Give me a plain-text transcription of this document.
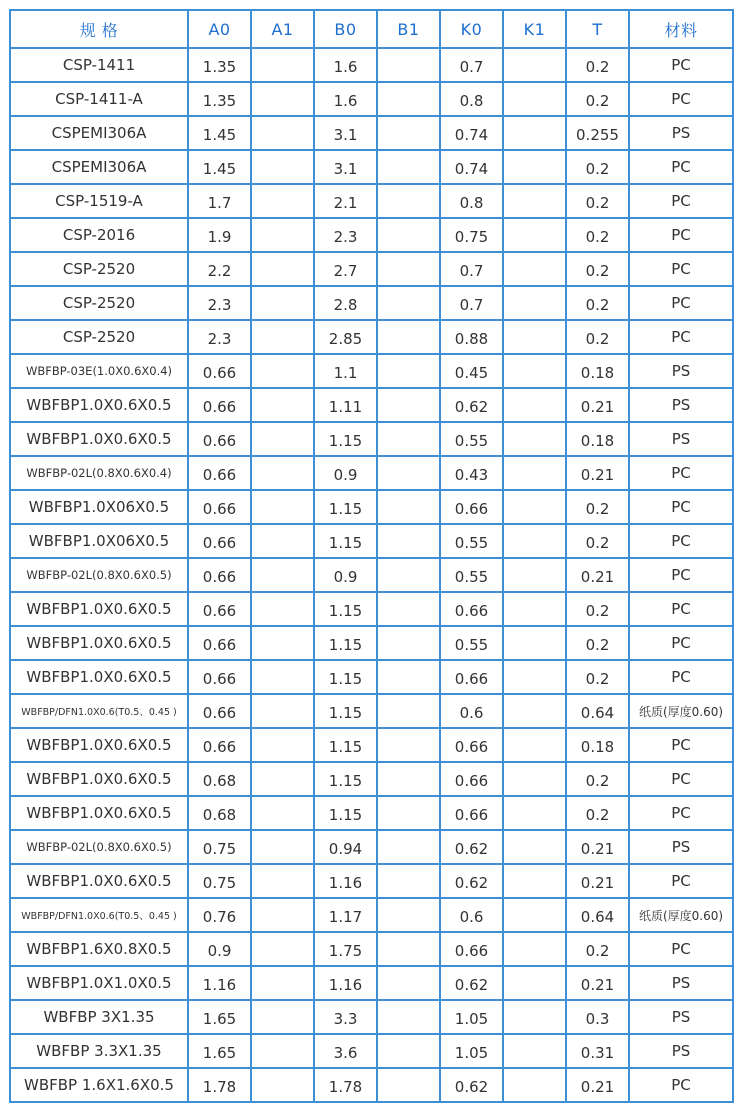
规 格	A0	A1	B0	B1	K0	K1	T	材料
CSP-1411	1.35		1.6		0.7		0.2	PC
CSP-1411-A	1.35		1.6		0.8		0.2	PC
CSPEMI306A	1.45		3.1		0.74		0.255	PS
CSPEMI306A	1.45		3.1		0.74		0.2	PC
CSP-1519-A	1.7		2.1		0.8		0.2	PC
CSP-2016	1.9		2.3		0.75		0.2	PC
CSP-2520	2.2		2.7		0.7		0.2	PC
CSP-2520	2.3		2.8		0.7		0.2	PC
CSP-2520	2.3		2.85		0.88		0.2	PC
WBFBP-03E(1.0X0.6X0.4)	0.66		1.1		0.45		0.18	PS
WBFBP1.0X0.6X0.5	0.66		1.11		0.62		0.21	PS
WBFBP1.0X0.6X0.5	0.66		1.15		0.55		0.18	PS
WBFBP-02L(0.8X0.6X0.4)	0.66		0.9		0.43		0.21	PC
WBFBP1.0X06X0.5	0.66		1.15		0.66		0.2	PC
WBFBP1.0X06X0.5	0.66		1.15		0.55		0.2	PC
WBFBP-02L(0.8X0.6X0.5)	0.66		0.9		0.55		0.21	PC
WBFBP1.0X0.6X0.5	0.66		1.15		0.66		0.2	PC
WBFBP1.0X0.6X0.5	0.66		1.15		0.55		0.2	PC
WBFBP1.0X0.6X0.5	0.66		1.15		0.66		0.2	PC
WBFBP/DFN1.0X0.6(T0.5、0.45 )	0.66		1.15		0.6		0.64	纸质(厚度0.60)
WBFBP1.0X0.6X0.5	0.66		1.15		0.66		0.18	PC
WBFBP1.0X0.6X0.5	0.68		1.15		0.66		0.2	PC
WBFBP1.0X0.6X0.5	0.68		1.15		0.66		0.2	PC
WBFBP-02L(0.8X0.6X0.5)	0.75		0.94		0.62		0.21	PS
WBFBP1.0X0.6X0.5	0.75		1.16		0.62		0.21	PC
WBFBP/DFN1.0X0.6(T0.5、0.45 )	0.76		1.17		0.6		0.64	纸质(厚度0.60)
WBFBP1.6X0.8X0.5	0.9		1.75		0.66		0.2	PC
WBFBP1.0X1.0X0.5	1.16		1.16		0.62		0.21	PS
WBFBP 3X1.35	1.65		3.3		1.05		0.3	PS
WBFBP 3.3X1.35	1.65		3.6		1.05		0.31	PS
WBFBP 1.6X1.6X0.5	1.78		1.78		0.62		0.21	PC
